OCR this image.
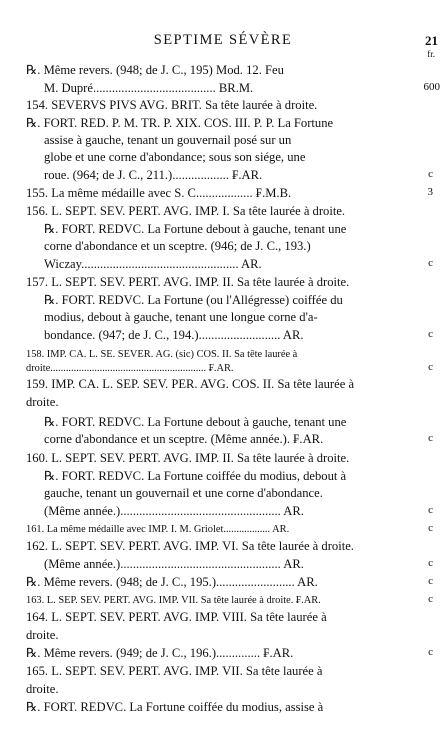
SEPTIME SÉVÈRE	21
fr.
℞. Même revers. (948; de J. C., 195) Mod. 12. Feu
M. Dupré....................................... BR.M.
154. SEVERVS PIVS AVG. BRIT. Sa tête laurée à droite.
℞. FORT. RED. P. M. TR. P. XIX. COS. III. P. P. La Fortune
assise à gauche, tenant un gouvernail posé sur un
globe et une corne d'abondance; sous son siége, une
roue. (964; de J. C., 211.).................. ₣.AR.
155. La même médaille avec S. C.................. ₣.M.B.
156. L. SEPT. SEV. PERT. AVG. IMP. I. Sa tête laurée à droite.
℞. FORT. REDVC. La Fortune debout à gauche, tenant une
corne d'abondance et un sceptre. (946; de J. C., 193.)
Wiczay.................................................. AR.
157. L. SEPT. SEV. PERT. AVG. IMP. II. Sa tête laurée à droite.
℞. FORT. REDVC. La Fortune (ou l'Allégresse) coiffée du
modius, debout à gauche, tenant une longue corne d'a-
bondance. (947; de J. C., 194.).......................... AR.
158. IMP. CA. L. SE. SEVER. AG. (sic) COS. II. Sa tête laurée à
droite............................................................ ₣.AR.
159. IMP. CA. L. SEP. SEV. PER. AVG. COS. II. Sa tête laurée à
droite.
℞. FORT. REDVC. La Fortune debout à gauche, tenant une
corne d'abondance et un sceptre. (Même année.). ₣.AR.
160. L. SEPT. SEV. PERT. AVG. IMP. II. Sa tête laurée à droite.
℞. FORT. REDVC. La Fortune coiffée du modius, debout à
gauche, tenant un gouvernail et une corne d'abondance.
(Même année.)................................................... AR.
161. La même médaille avec IMP. I. M. Griolet.................. AR.
162. L. SEPT. SEV. PERT. AVG. IMP. VI. Sa tête laurée à droite.
(Même année.)................................................... AR.
℞. Même revers. (948; de J. C., 195.)......................... AR.
163. L. SEP. SEV. PERT. AVG. IMP. VII. Sa tête laurée à droite. ₣.AR.
164. L. SEPT. SEV. PERT. AVG. IMP. VIII. Sa tête laurée à
droite.
℞. Même revers. (949; de J. C., 196.).............. ₣.AR.
165. L. SEPT. SEV. PERT. AVG. IMP. VII. Sa tête laurée à
droite.
℞. FORT. REDVC. La Fortune coiffée du modius, assise à
600
c
3
c
c
c
c
c
c
c
c
c
c
